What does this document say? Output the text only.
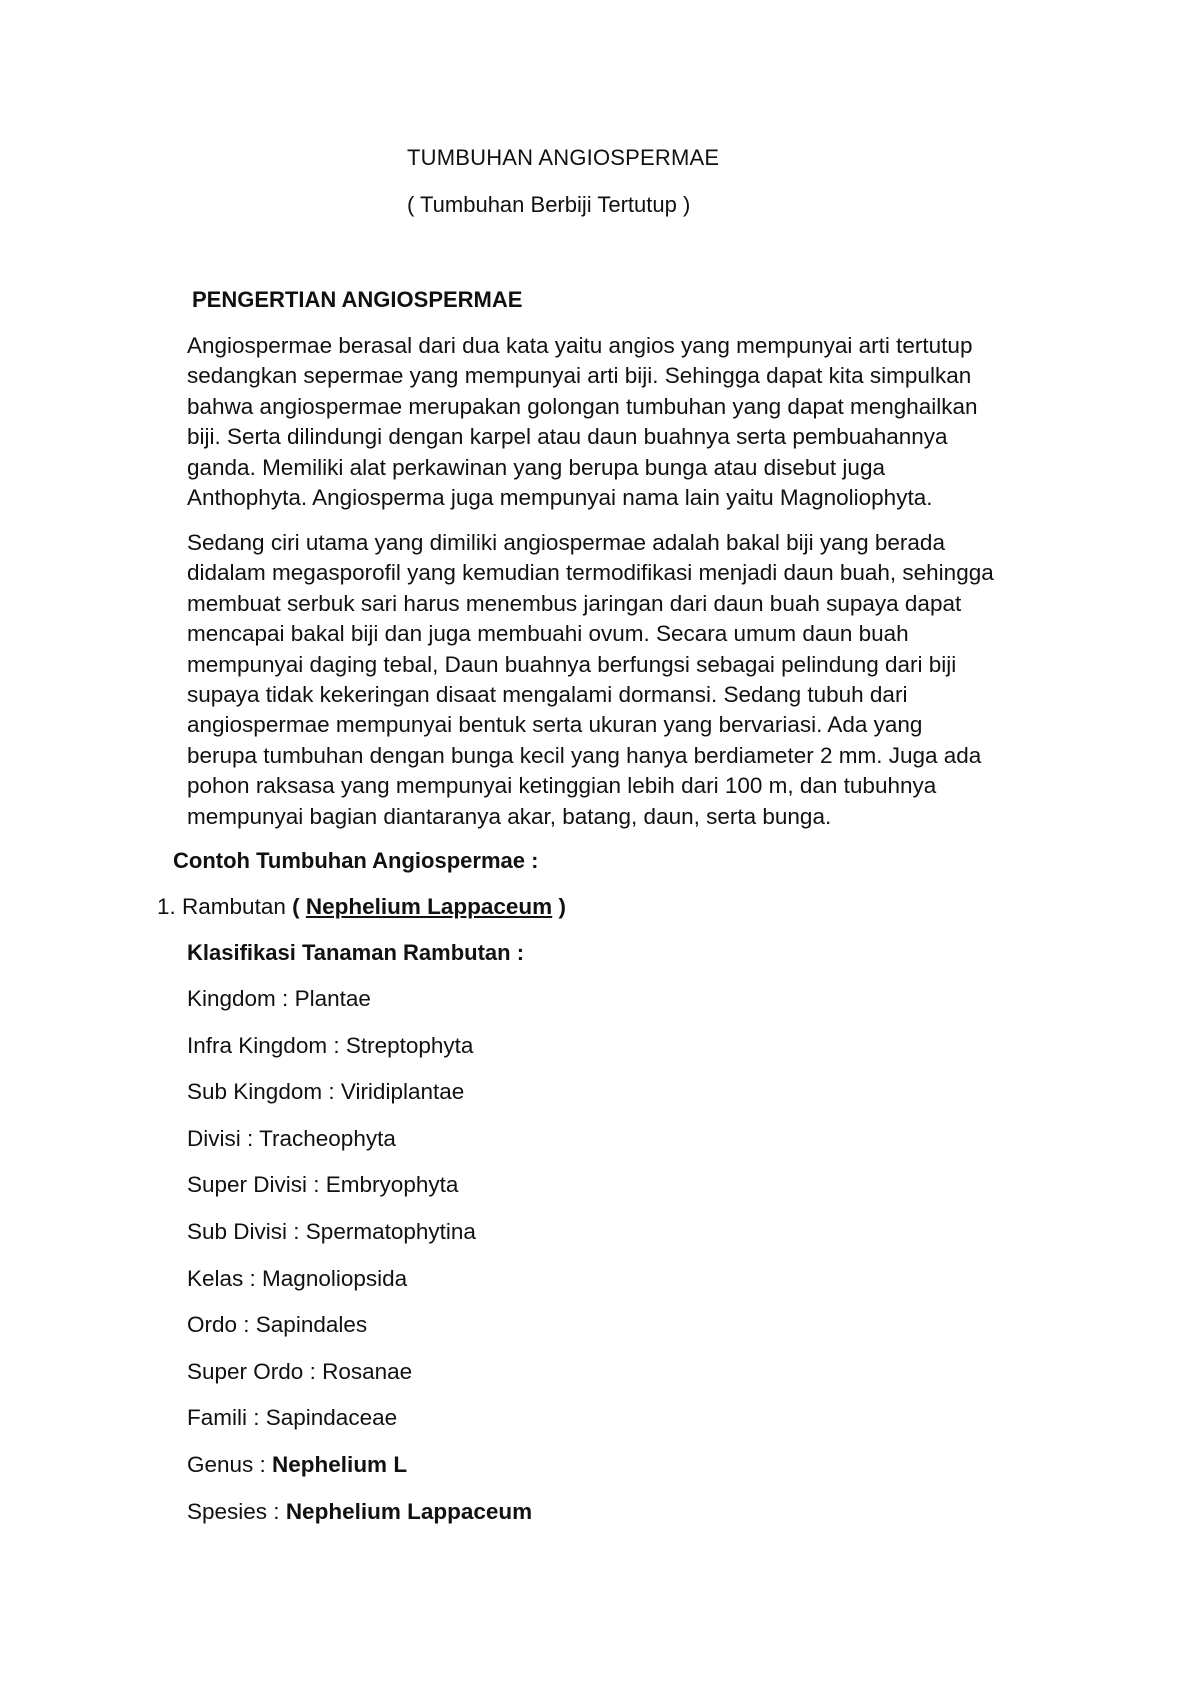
TUMBUHAN ANGIOSPERMAE
( Tumbuhan Berbiji Tertutup )
PENGERTIAN ANGIOSPERMAE
Angiospermae berasal dari dua kata yaitu angios yang mempunyai arti tertutup
sedangkan sepermae yang mempunyai arti biji. Sehingga dapat kita simpulkan
bahwa angiospermae merupakan golongan tumbuhan yang dapat menghailkan
biji. Serta dilindungi dengan karpel atau daun buahnya serta pembuahannya
ganda. Memiliki alat perkawinan yang berupa bunga atau disebut juga
Anthophyta. Angiosperma juga mempunyai nama lain yaitu Magnoliophyta.
Sedang ciri utama yang dimiliki angiospermae adalah bakal biji yang berada
didalam megasporofil yang kemudian termodifikasi menjadi daun buah, sehingga
membuat serbuk sari harus menembus jaringan dari daun buah supaya dapat
mencapai bakal biji dan juga membuahi ovum. Secara umum daun buah
mempunyai daging tebal, Daun buahnya berfungsi sebagai pelindung dari biji
supaya tidak kekeringan disaat mengalami dormansi. Sedang tubuh dari
angiospermae mempunyai bentuk serta ukuran yang bervariasi. Ada yang
berupa tumbuhan dengan bunga kecil yang hanya berdiameter 2 mm. Juga ada
pohon raksasa yang mempunyai ketinggian lebih dari 100 m, dan tubuhnya
mempunyai bagian diantaranya akar, batang, daun, serta bunga.
Contoh Tumbuhan Angiospermae :
1. Rambutan ( Nephelium Lappaceum )
Klasifikasi Tanaman Rambutan :
Kingdom : Plantae
Infra Kingdom : Streptophyta
Sub Kingdom : Viridiplantae
Divisi : Tracheophyta
Super Divisi : Embryophyta
Sub Divisi : Spermatophytina
Kelas : Magnoliopsida
Ordo : Sapindales
Super Ordo : Rosanae
Famili : Sapindaceae
Genus : Nephelium L
Spesies : Nephelium Lappaceum
